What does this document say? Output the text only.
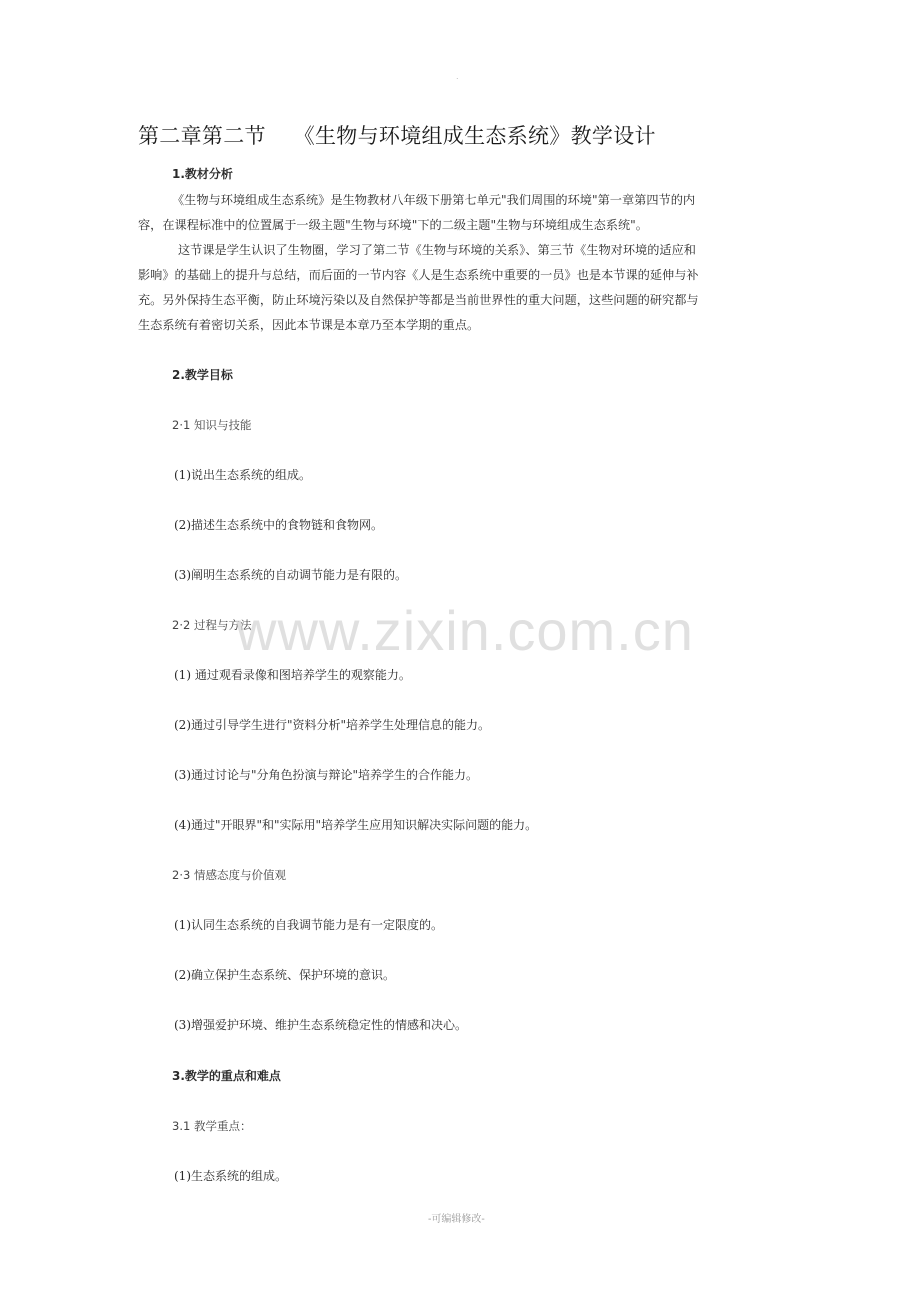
.
第二章第二节    《生物与环境组成生态系统》教学设计
1.教材分析
《生物与环境组成生态系统》是生物教材八年级下册第七单元"我们周围的环境"第一章第四节的内
容，在课程标准中的位置属于一级主题"生物与环境"下的二级主题"生物与环境组成生态系统"。
这节课是学生认识了生物圈，学习了第二节《生物与环境的关系》、第三节《生物对环境的适应和
影响》的基础上的提升与总结，而后面的一节内容《人是生态系统中重要的一员》也是本节课的延伸与补
充。另外保持生态平衡，防止环境污染以及自然保护等都是当前世界性的重大问题，这些问题的研究都与
生态系统有着密切关系，因此本节课是本章乃至本学期的重点。
2.教学目标
2·1 知识与技能
(1)说出生态系统的组成。
(2)描述生态系统中的食物链和食物网。
(3)阐明生态系统的自动调节能力是有限的。
2·2 过程与方法
(1) 通过观看录像和图培养学生的观察能力。
(2)通过引导学生进行"资料分析"培养学生处理信息的能力。
(3)通过讨论与"分角色扮演与辩论"培养学生的合作能力。
(4)通过"开眼界"和"实际用"培养学生应用知识解决实际问题的能力。
2·3 情感态度与价值观
(1)认同生态系统的自我调节能力是有一定限度的。
(2)确立保护生态系统、保护环境的意识。
(3)增强爱护环境、维护生态系统稳定性的情感和决心。
3.教学的重点和难点
3.1 教学重点：
(1)生态系统的组成。
www.zixin.com.cn
-可编辑修改-
